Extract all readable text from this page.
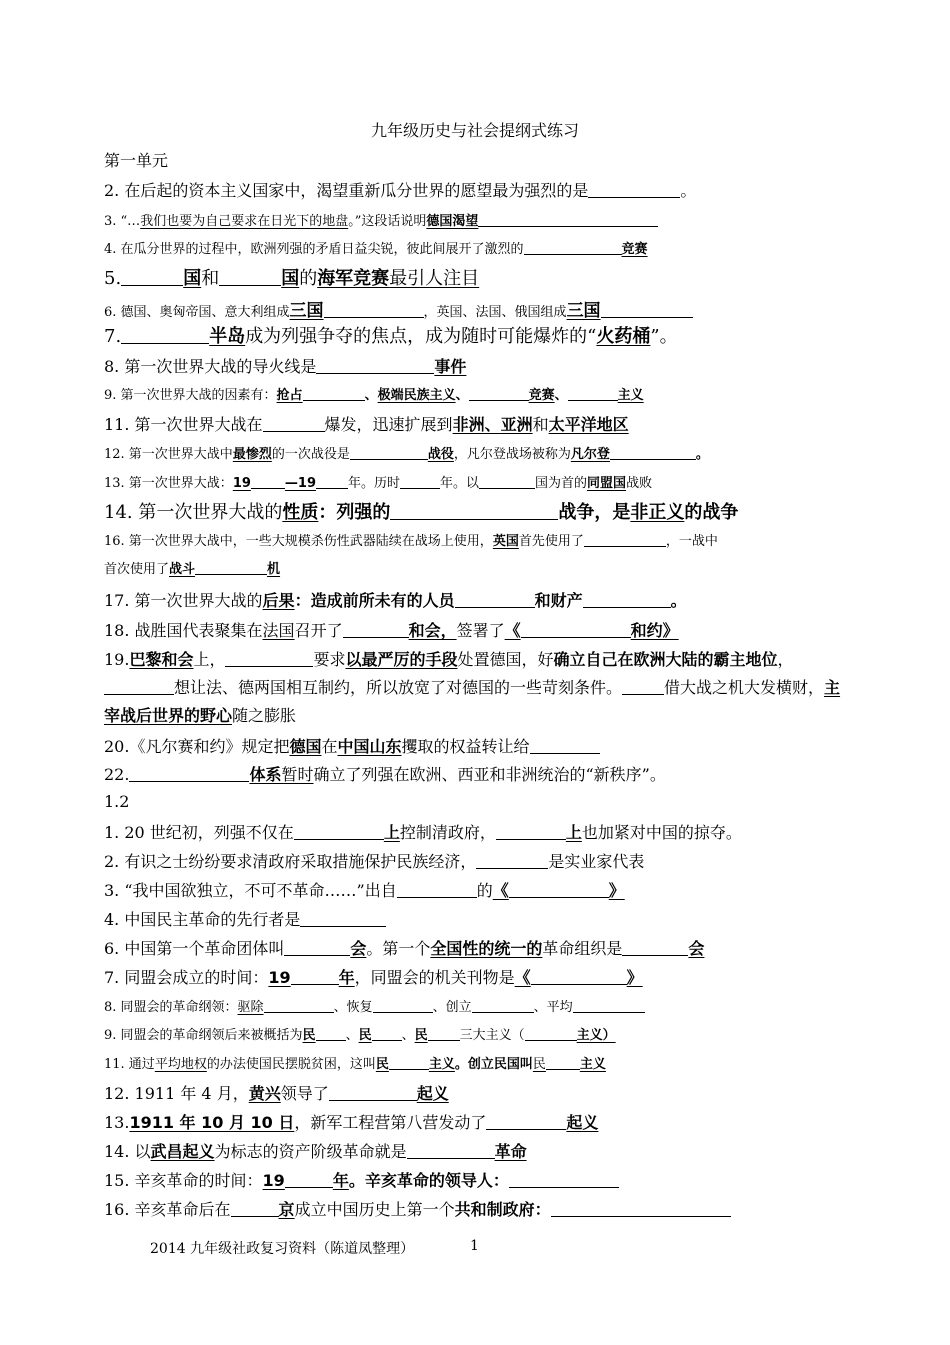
九年级历史与社会提纲式练习
第一单元
2. 在后起的资本主义国家中，渴望重新瓜分世界的愿望最为强烈的是	。
3. “…我们也要为自己要求在日光下的地盘。”这段话说明德国渴望
4. 在瓜分世界的过程中，欧洲列强的矛盾日益尖锐，彼此间展开了激烈的	竞赛
5.	国和	国的海军竞赛最引人注目
6. 德国、奥匈帝国、意大利组成三国	，英国、法国、俄国组成三国
7.	半岛成为列强争夺的焦点，成为随时可能爆炸的“火药桶”。
8. 第一次世界大战的导火线是	事件
9. 第一次世界大战的因素有：抢占	、极端民族主义、	竞赛、	主义
11. 第一次世界大战在	爆发，迅速扩展到非洲、亚洲和太平洋地区
12. 第一次世界大战中最惨烈的一次战役是	战役，凡尔登战场被称为凡尔登	。
13. 第一次世界大战：19	—19 年。历时	年。以	国为首的同盟国战败
14. 第一次世界大战的性质：列强的	战争，是非正义的战争
16. 第一次世界大战中，一些大规模杀伤性武器陆续在战场上使用，英国首先使用了	，一战中
首次使用了战斗	机
17. 第一次世界大战的后果：造成前所未有的人员	和财产	。
18. 战胜国代表聚集在法国召开了	和会，签署了《	和约》
19.巴黎和会上，	要求以最严厉的手段处置德国，好确立自己在欧洲大陆的霸主地位，想让法、德两国相互制约，所以放宽了对德国的一些苛刻条件。	借大战之机大发横财，主宰战后世界的野心随之膨胀
20.《凡尔赛和约》规定把德国在中国山东攫取的权益转让给
22.	体系暂时确立了列强在欧洲、西亚和非洲统治的“新秩序”。
1.2
1. 20 世纪初，列强不仅在	上控制清政府，	上也加紧对中国的掠夺。
2. 有识之士纷纷要求清政府采取措施保护民族经济，	是实业家代表
3. “我中国欲独立，不可不革命……”出自	的《	》
4. 中国民主革命的先行者是
6. 中国第一个革命团体叫	会。第一个全国性的统一的革命组织是	会
7. 同盟会成立的时间：19	年，同盟会的机关刊物是《	》
8. 同盟会的革命纲领：驱除	、恢复	、创立	、平均
9. 同盟会的革命纲领后来被概括为民 、民 、民 三大主义（	主义）
11. 通过平均地权的办法使国民摆脱贫困，这叫民	主义。创立民国叫民	主义
12. 1911 年 4 月，黄兴领导了	起义
13.1911 年 10 月 10 日，新军工程营第八营发动了	起义
14. 以武昌起义为标志的资产阶级革命就是	革命
15. 辛亥革命的时间：19	年。辛亥革命的领导人：
16. 辛亥革命后在	京成立中国历史上第一个共和制政府：
2014 九年级社政复习资料（陈道凤整理）	1
